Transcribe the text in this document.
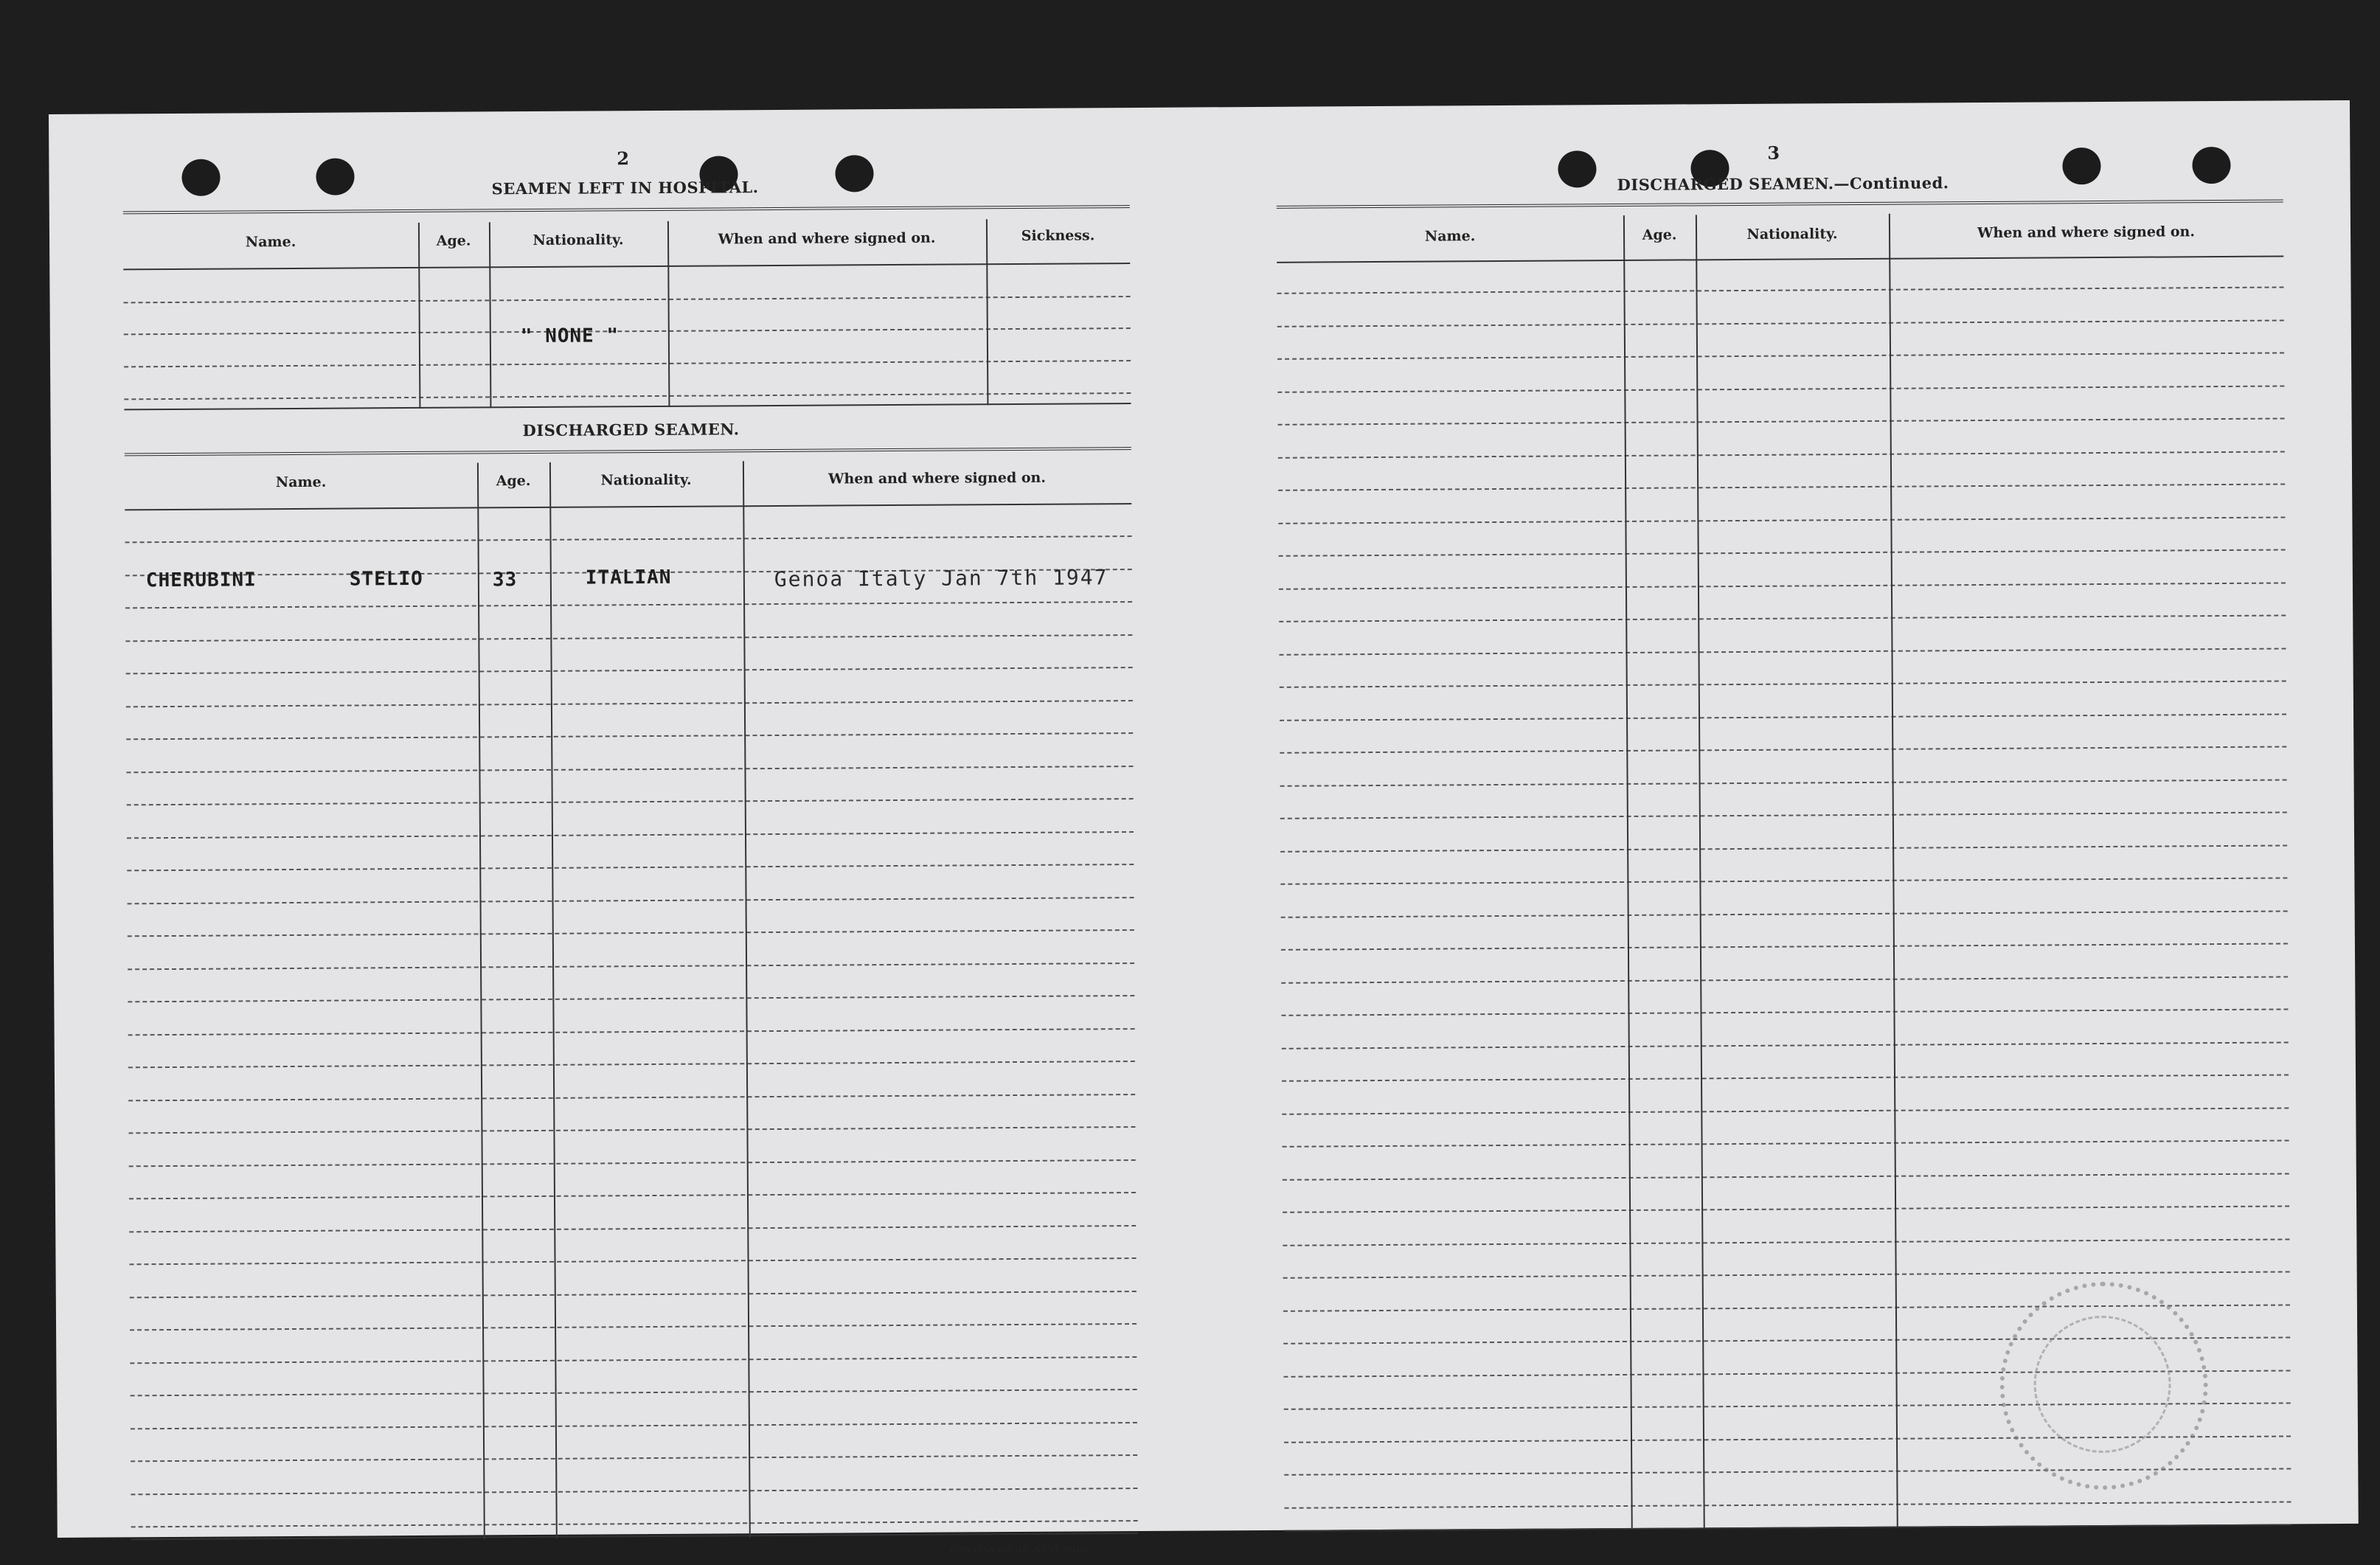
2
SEAMEN LEFT IN HOSPITAL.
Name.	Age.	Nationality.	When and where signed on.	Sickness.
" NONE "
DISCHARGED SEAMEN.
Name.	Age.	Nationality.	When and where signed on.
CHERUBINI	STELIO	33	ITALIAN	Genoa Italy Jan 7th 1947
CONTINUED ON NEXT PAGE.
3
DISCHARGED SEAMEN.—Continued.
Name.	Age.	Nationality.	When and where signed on.
